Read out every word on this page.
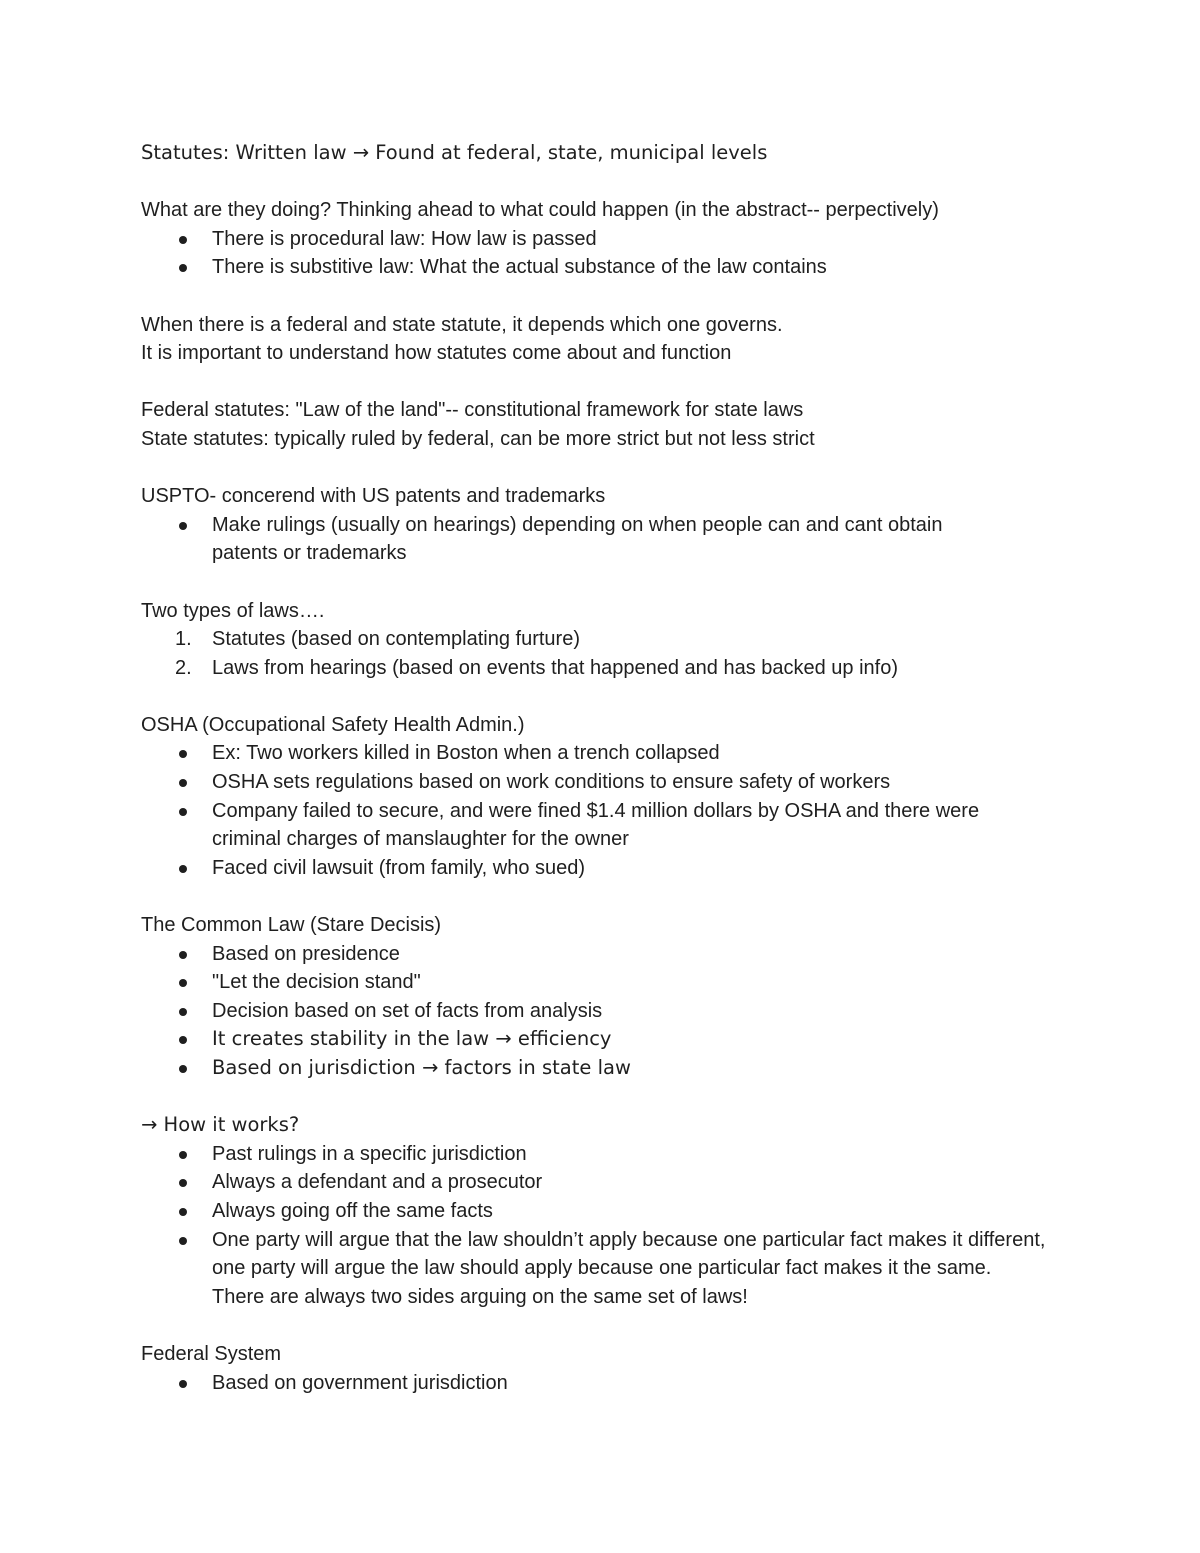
Statutes: Written law → Found at federal, state, municipal levels

What are they doing? Thinking ahead to what could happen (in the abstract-- perpectively)

There is procedural law: How law is passed
There is substitive law: What the actual substance of the law contains

When there is a federal and state statute, it depends which one governs.

It is important to understand how statutes come about and function

Federal statutes: "Law of the land"-- constitutional framework for state laws

State statutes: typically ruled by federal, can be more strict but not less strict

USPTO- concerend with US patents and trademarks

Make rulings (usually on hearings) depending on when people can and cant obtain patents or trademarks

Two types of laws….

1. Statutes (based on contemplating furture)
2. Laws from hearings (based on events that happened and has backed up info)

OSHA (Occupational Safety Health Admin.)

Ex: Two workers killed in Boston when a trench collapsed
OSHA sets regulations based on work conditions to ensure safety of workers
Company failed to secure, and were fined $1.4 million dollars by OSHA and there were criminal charges of manslaughter for the owner
Faced civil lawsuit (from family, who sued)

The Common Law (Stare Decisis)

Based on presidence
"Let the decision stand"
Decision based on set of facts from analysis
It creates stability in the law → efficiency
Based on jurisdiction → factors in state law

→ How it works?

Past rulings in a specific jurisdiction
Always a defendant and a prosecutor
Always going off the same facts
One party will argue that the law shouldn’t apply because one particular fact makes it different, one party will argue the law should apply because one particular fact makes it the same. There are always two sides arguing on the same set of laws!

Federal System

Based on government jurisdiction
